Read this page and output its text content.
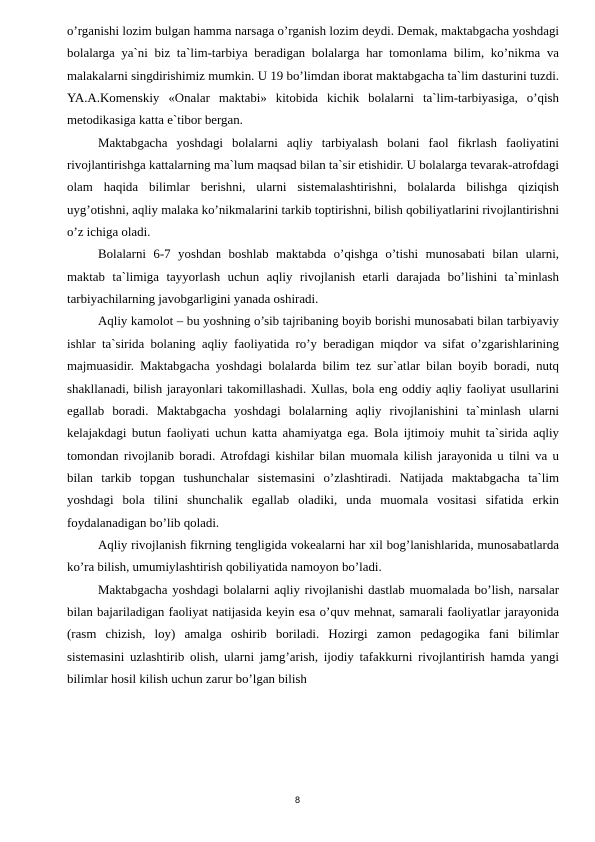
o’rganishi lozim bulgan hamma narsaga o’rganish lozim deydi. Demak, maktabgacha yoshdagi bolalarga ya`ni biz ta`lim-tarbiya beradigan bolalarga har tomonlama bilim, ko’nikma va malakalarni singdirishimiz mumkin. U 19 bo’limdan iborat maktabgacha ta`lim dasturini tuzdi. YA.A.Komenskiy «Onalar maktabi» kitobida kichik bolalarni ta`lim-tarbiyasiga, o’qish metodikasiga katta e`tibor bergan.

Maktabgacha yoshdagi bolalarni aqliy tarbiyalash bolani faol fikrlash faoliyatini rivojlantirishga kattalarning ma`lum maqsad bilan ta`sir etishidir. U bolalarga tevarak-atrofdagi olam haqida bilimlar berishni, ularni sistemalashtirishni, bolalarda bilishga qiziqish uyg’otishni, aqliy malaka ko’nikmalarini tarkib toptirishni, bilish qobiliyatlarini rivojlantirishni o’z ichiga oladi.

Bolalarni 6-7 yoshdan boshlab maktabda o’qishga o’tishi munosabati bilan ularni, maktab ta`limiga tayyorlash uchun aqliy rivojlanish etarli darajada bo’lishini ta`minlash tarbiyachilarning javobgarligini yanada oshiradi.

Aqliy kamolot – bu yoshning o’sib tajribaning boyib borishi munosabati bilan tarbiyaviy ishlar ta`sirida bolaning aqliy faoliyatida ro’y beradigan miqdor va sifat o’zgarishlarining majmuasidir. Maktabgacha yoshdagi bolalarda bilim tez sur`atlar bilan boyib boradi, nutq shakllanadi, bilish jarayonlari takomillashadi. Xullas, bola eng oddiy aqliy faoliyat usullarini egallab boradi. Maktabgacha yoshdagi bolalarning aqliy rivojlanishini ta`minlash ularni kelajakdagi butun faoliyati uchun katta ahamiyatga ega. Bola ijtimoiy muhit ta`sirida aqliy tomondan rivojlanib boradi. Atrofdagi kishilar bilan muomala kilish jarayonida u tilni va u bilan tarkib topgan tushunchalar sistemasini o’zlashtiradi. Natijada maktabgacha ta`lim yoshdagi bola tilini shunchalik egallab oladiki, unda muomala vositasi sifatida erkin foydalanadigan bo’lib qoladi.

Aqliy rivojlanish fikrning tengligida vokealarni har xil bog’lanishlarida, munosabatlarda ko’ra bilish, umumiylashtirish qobiliyatida namoyon bo’ladi.

Maktabgacha yoshdagi bolalarni aqliy rivojlanishi dastlab muomalada bo’lish, narsalar bilan bajariladigan faoliyat natijasida keyin esa o’quv mehnat, samarali faoliyatlar jarayonida (rasm chizish, loy) amalga oshirib boriladi. Hozirgi zamon pedagogika fani bilimlar sistemasini uzlashtirib olish, ularni jamg’arish, ijodiy tafakkurni rivojlantirish hamda yangi bilimlar hosil kilish uchun zarur bo’lgan bilish

8
